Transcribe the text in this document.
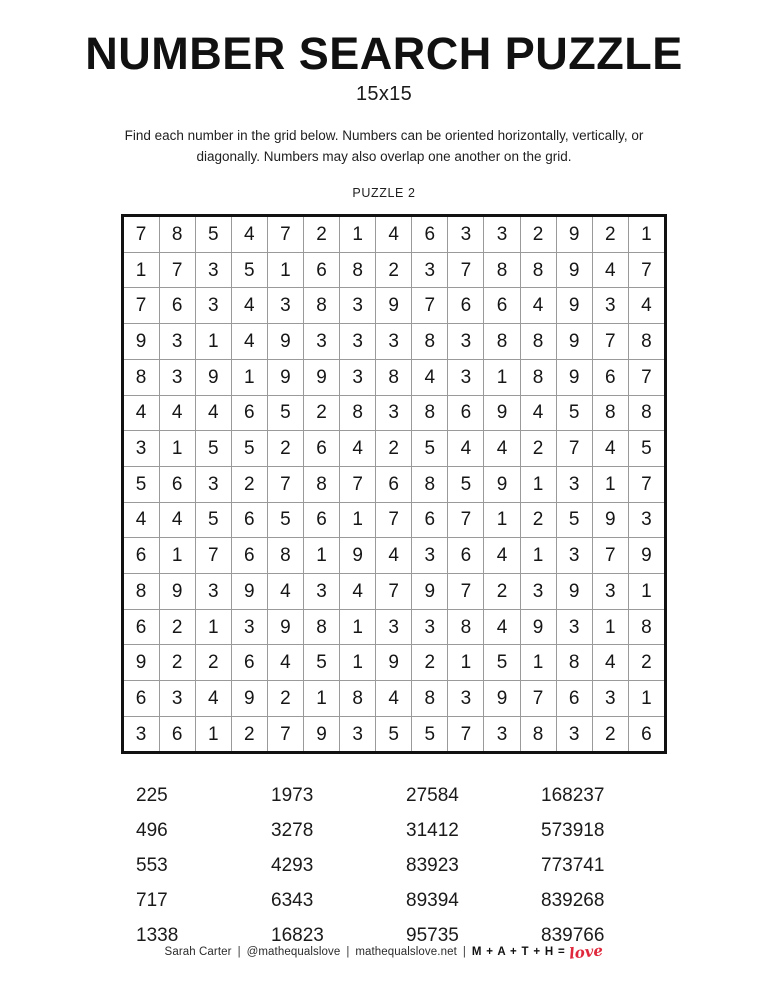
NUMBER SEARCH PUZZLE
15x15
Find each number in the grid below. Numbers can be oriented horizontally, vertically, or diagonally. Numbers may also overlap one another on the grid.
PUZZLE 2
7	8	5	4	7	2	1	4	6	3	3	2	9	2	1
1	7	3	5	1	6	8	2	3	7	8	8	9	4	7
7	6	3	4	3	8	3	9	7	6	6	4	9	3	4
9	3	1	4	9	3	3	3	8	3	8	8	9	7	8
8	3	9	1	9	9	3	8	4	3	1	8	9	6	7
4	4	4	6	5	2	8	3	8	6	9	4	5	8	8
3	1	5	5	2	6	4	2	5	4	4	2	7	4	5
5	6	3	2	7	8	7	6	8	5	9	1	3	1	7
4	4	5	6	5	6	1	7	6	7	1	2	5	9	3
6	1	7	6	8	1	9	4	3	6	4	1	3	7	9
8	9	3	9	4	3	4	7	9	7	2	3	9	3	1
6	2	1	3	9	8	1	3	3	8	4	9	3	1	8
9	2	2	6	4	5	1	9	2	1	5	1	8	4	2
6	3	4	9	2	1	8	4	8	3	9	7	6	3	1
3	6	1	2	7	9	3	5	5	7	3	8	3	2	6
225	1973	27584	168237
496	3278	31412	573918
553	4293	83923	773741
717	6343	89394	839268
1338	16823	95735	839766
Sarah Carter | @mathequalslove | mathequalslove.net | M + A + T + H = love
